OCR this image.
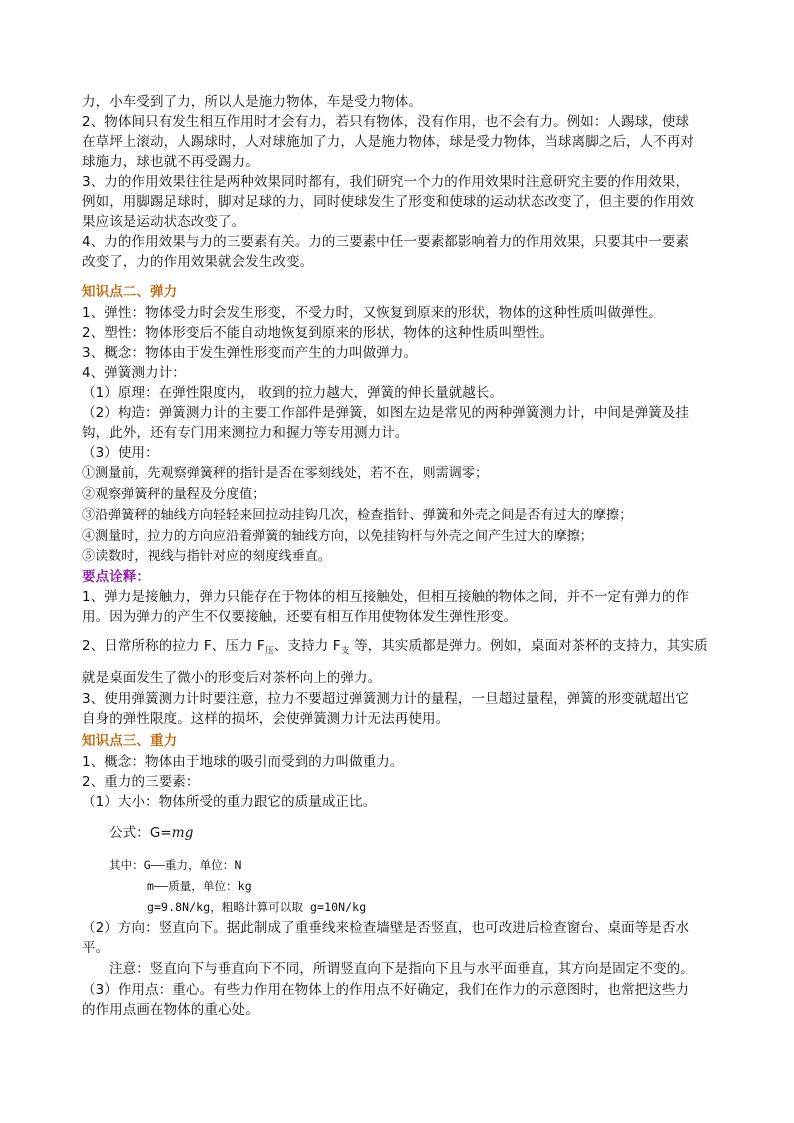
力，小车受到了力，所以人是施力物体，车是受力物体。
2、物体间只有发生相互作用时才会有力，若只有物体，没有作用，也不会有力。例如：人踢球，使球
在草坪上滚动，人踢球时，人对球施加了力，人是施力物体，球是受力物体，当球离脚之后，人不再对
球施力，球也就不再受踢力。
3、力的作用效果往往是两种效果同时都有，我们研究一个力的作用效果时注意研究主要的作用效果，
例如，用脚踢足球时，脚对足球的力，同时使球发生了形变和使球的运动状态改变了，但主要的作用效
果应该是运动状态改变了。
4、力的作用效果与力的三要素有关。力的三要素中任一要素都影响着力的作用效果，只要其中一要素
改变了，力的作用效果就会发生改变。
知识点二、弹力
1、弹性：物体受力时会发生形变，不受力时，又恢复到原来的形状，物体的这种性质叫做弹性。
2、塑性：物体形变后不能自动地恢复到原来的形状，物体的这种性质叫塑性。
3、概念：物体由于发生弹性形变而产生的力叫做弹力。
4、弹簧测力计：
（1）原理：在弹性限度内， 收到的拉力越大，弹簧的伸长量就越长。
（2）构造：弹簧测力计的主要工作部件是弹簧，如图左边是常见的两种弹簧测力计，中间是弹簧及挂
钩，此外，还有专门用来测拉力和握力等专用测力计。
（3）使用：
①测量前，先观察弹簧秤的指针是否在零刻线处，若不在，则需调零；
②观察弹簧秤的量程及分度值；
③沿弹簧秤的轴线方向轻轻来回拉动挂钩几次，检查指针、弹簧和外壳之间是否有过大的摩擦；
④测量时，拉力的方向应沿着弹簧的轴线方向，以免挂钩杆与外壳之间产生过大的摩擦；
⑤读数时，视线与指针对应的刻度线垂直。
要点诠释：
1、弹力是接触力，弹力只能存在于物体的相互接触处，但相互接触的物体之间，并不一定有弹力的作
用。因为弹力的产生不仅要接触，还要有相互作用使物体发生弹性形变。
2、日常所称的拉力 F、压力 $F_压$、支持力 $F_支$ 等，其实质都是弹力。例如，桌面对茶杯的支持力，其实质
就是桌面发生了微小的形变后对茶杯向上的弹力。
3、使用弹簧测力计时要注意，拉力不要超过弹簧测力计的量程，一旦超过量程，弹簧的形变就超出它
自身的弹性限度。这样的损坏，会使弹簧测力计无法再使用。
知识点三、重力
1、概念：物体由于地球的吸引而受到的力叫做重力。
2、重力的三要素：
（1）大小：物体所受的重力跟它的质量成正比。
公式：G=mg
其中：G——重力，单位：N
m——质量，单位：kg
g=9.8N/kg，粗略计算可以取 g=10N/kg
（2）方向：竖直向下。据此制成了重垂线来检查墙壁是否竖直，也可改进后检查窗台、桌面等是否水
平。
注意：竖直向下与垂直向下不同，所谓竖直向下是指向下且与水平面垂直，其方向是固定不变的。
（3）作用点：重心。有些力作用在物体上的作用点不好确定，我们在作力的示意图时，也常把这些力
的作用点画在物体的重心处。
